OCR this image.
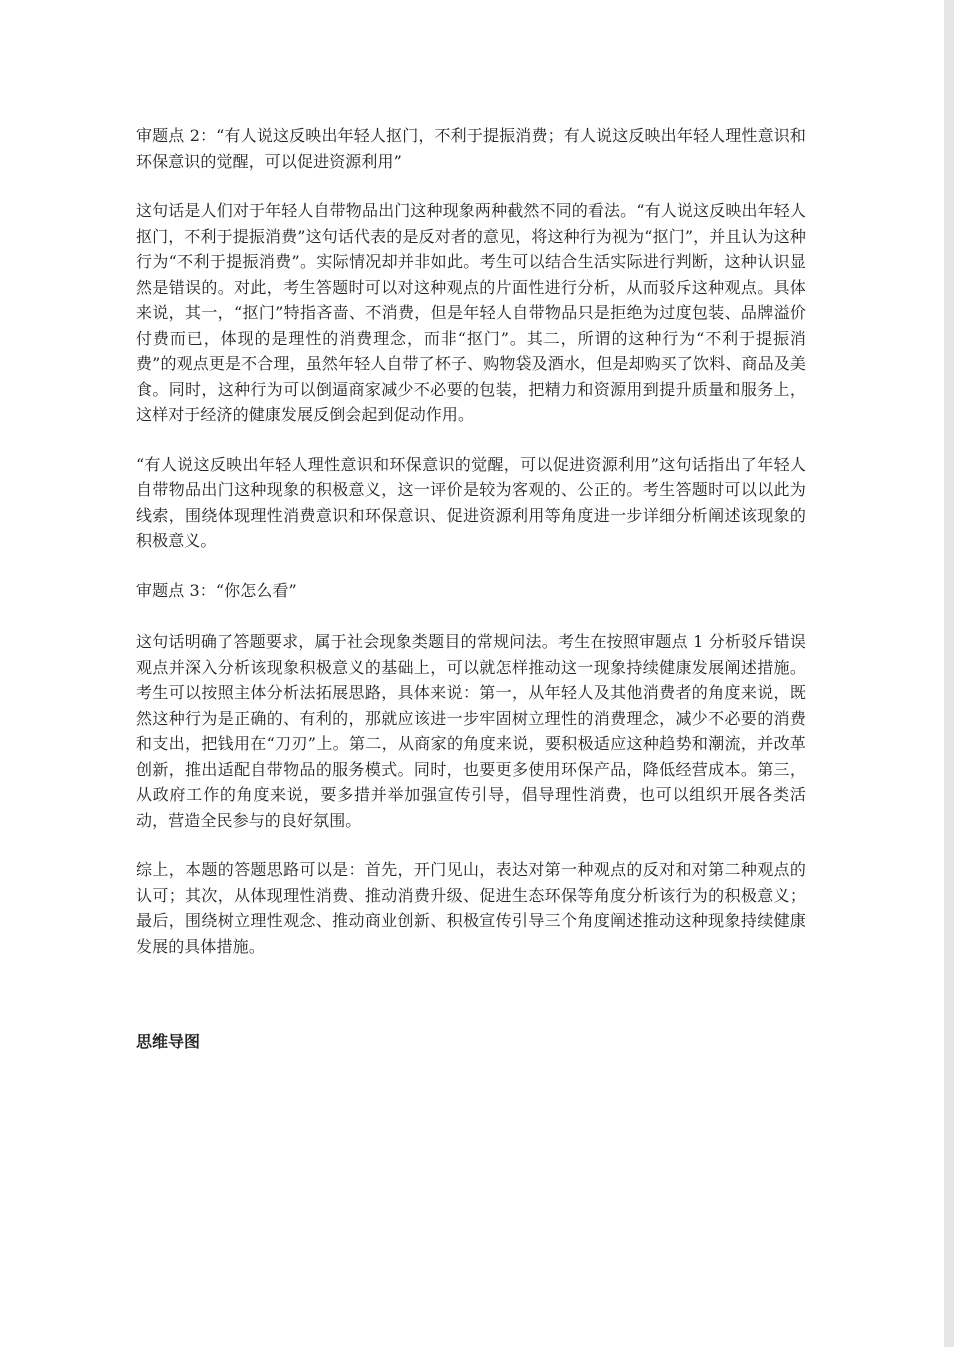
审题点 2：“有人说这反映出年轻人抠门，不利于提振消费；有人说这反映出年轻人理性意识和环保意识的觉醒，可以促进资源利用”

这句话是人们对于年轻人自带物品出门这种现象两种截然不同的看法。“有人说这反映出年轻人抠门，不利于提振消费”这句话代表的是反对者的意见，将这种行为视为“抠门”，并且认为这种行为“不利于提振消费”。实际情况却并非如此。考生可以结合生活实际进行判断，这种认识显然是错误的。对此，考生答题时可以对这种观点的片面性进行分析，从而驳斥这种观点。具体来说，其一，“抠门”特指吝啬、不消费，但是年轻人自带物品只是拒绝为过度包装、品牌溢价付费而已，体现的是理性的消费理念，而非“抠门”。其二，所谓的这种行为“不利于提振消费”的观点更是不合理，虽然年轻人自带了杯子、购物袋及酒水，但是却购买了饮料、商品及美食。同时，这种行为可以倒逼商家减少不必要的包装，把精力和资源用到提升质量和服务上，这样对于经济的健康发展反倒会起到促动作用。

“有人说这反映出年轻人理性意识和环保意识的觉醒，可以促进资源利用”这句话指出了年轻人自带物品出门这种现象的积极意义，这一评价是较为客观的、公正的。考生答题时可以以此为线索，围绕体现理性消费意识和环保意识、促进资源利用等角度进一步详细分析阐述该现象的积极意义。

审题点 3：“你怎么看”

这句话明确了答题要求，属于社会现象类题目的常规问法。考生在按照审题点 1 分析驳斥错误观点并深入分析该现象积极意义的基础上，可以就怎样推动这一现象持续健康发展阐述措施。考生可以按照主体分析法拓展思路，具体来说：第一，从年轻人及其他消费者的角度来说，既然这种行为是正确的、有利的，那就应该进一步牢固树立理性的消费理念，减少不必要的消费和支出，把钱用在“刀刃”上。第二，从商家的角度来说，要积极适应这种趋势和潮流，并改革创新，推出适配自带物品的服务模式。同时，也要更多使用环保产品，降低经营成本。第三，从政府工作的角度来说，要多措并举加强宣传引导，倡导理性消费，也可以组织开展各类活动，营造全民参与的良好氛围。

综上，本题的答题思路可以是：首先，开门见山，表达对第一种观点的反对和对第二种观点的认可；其次，从体现理性消费、推动消费升级、促进生态环保等角度分析该行为的积极意义；最后，围绕树立理性观念、推动商业创新、积极宣传引导三个角度阐述推动这种现象持续健康发展的具体措施。

思维导图
